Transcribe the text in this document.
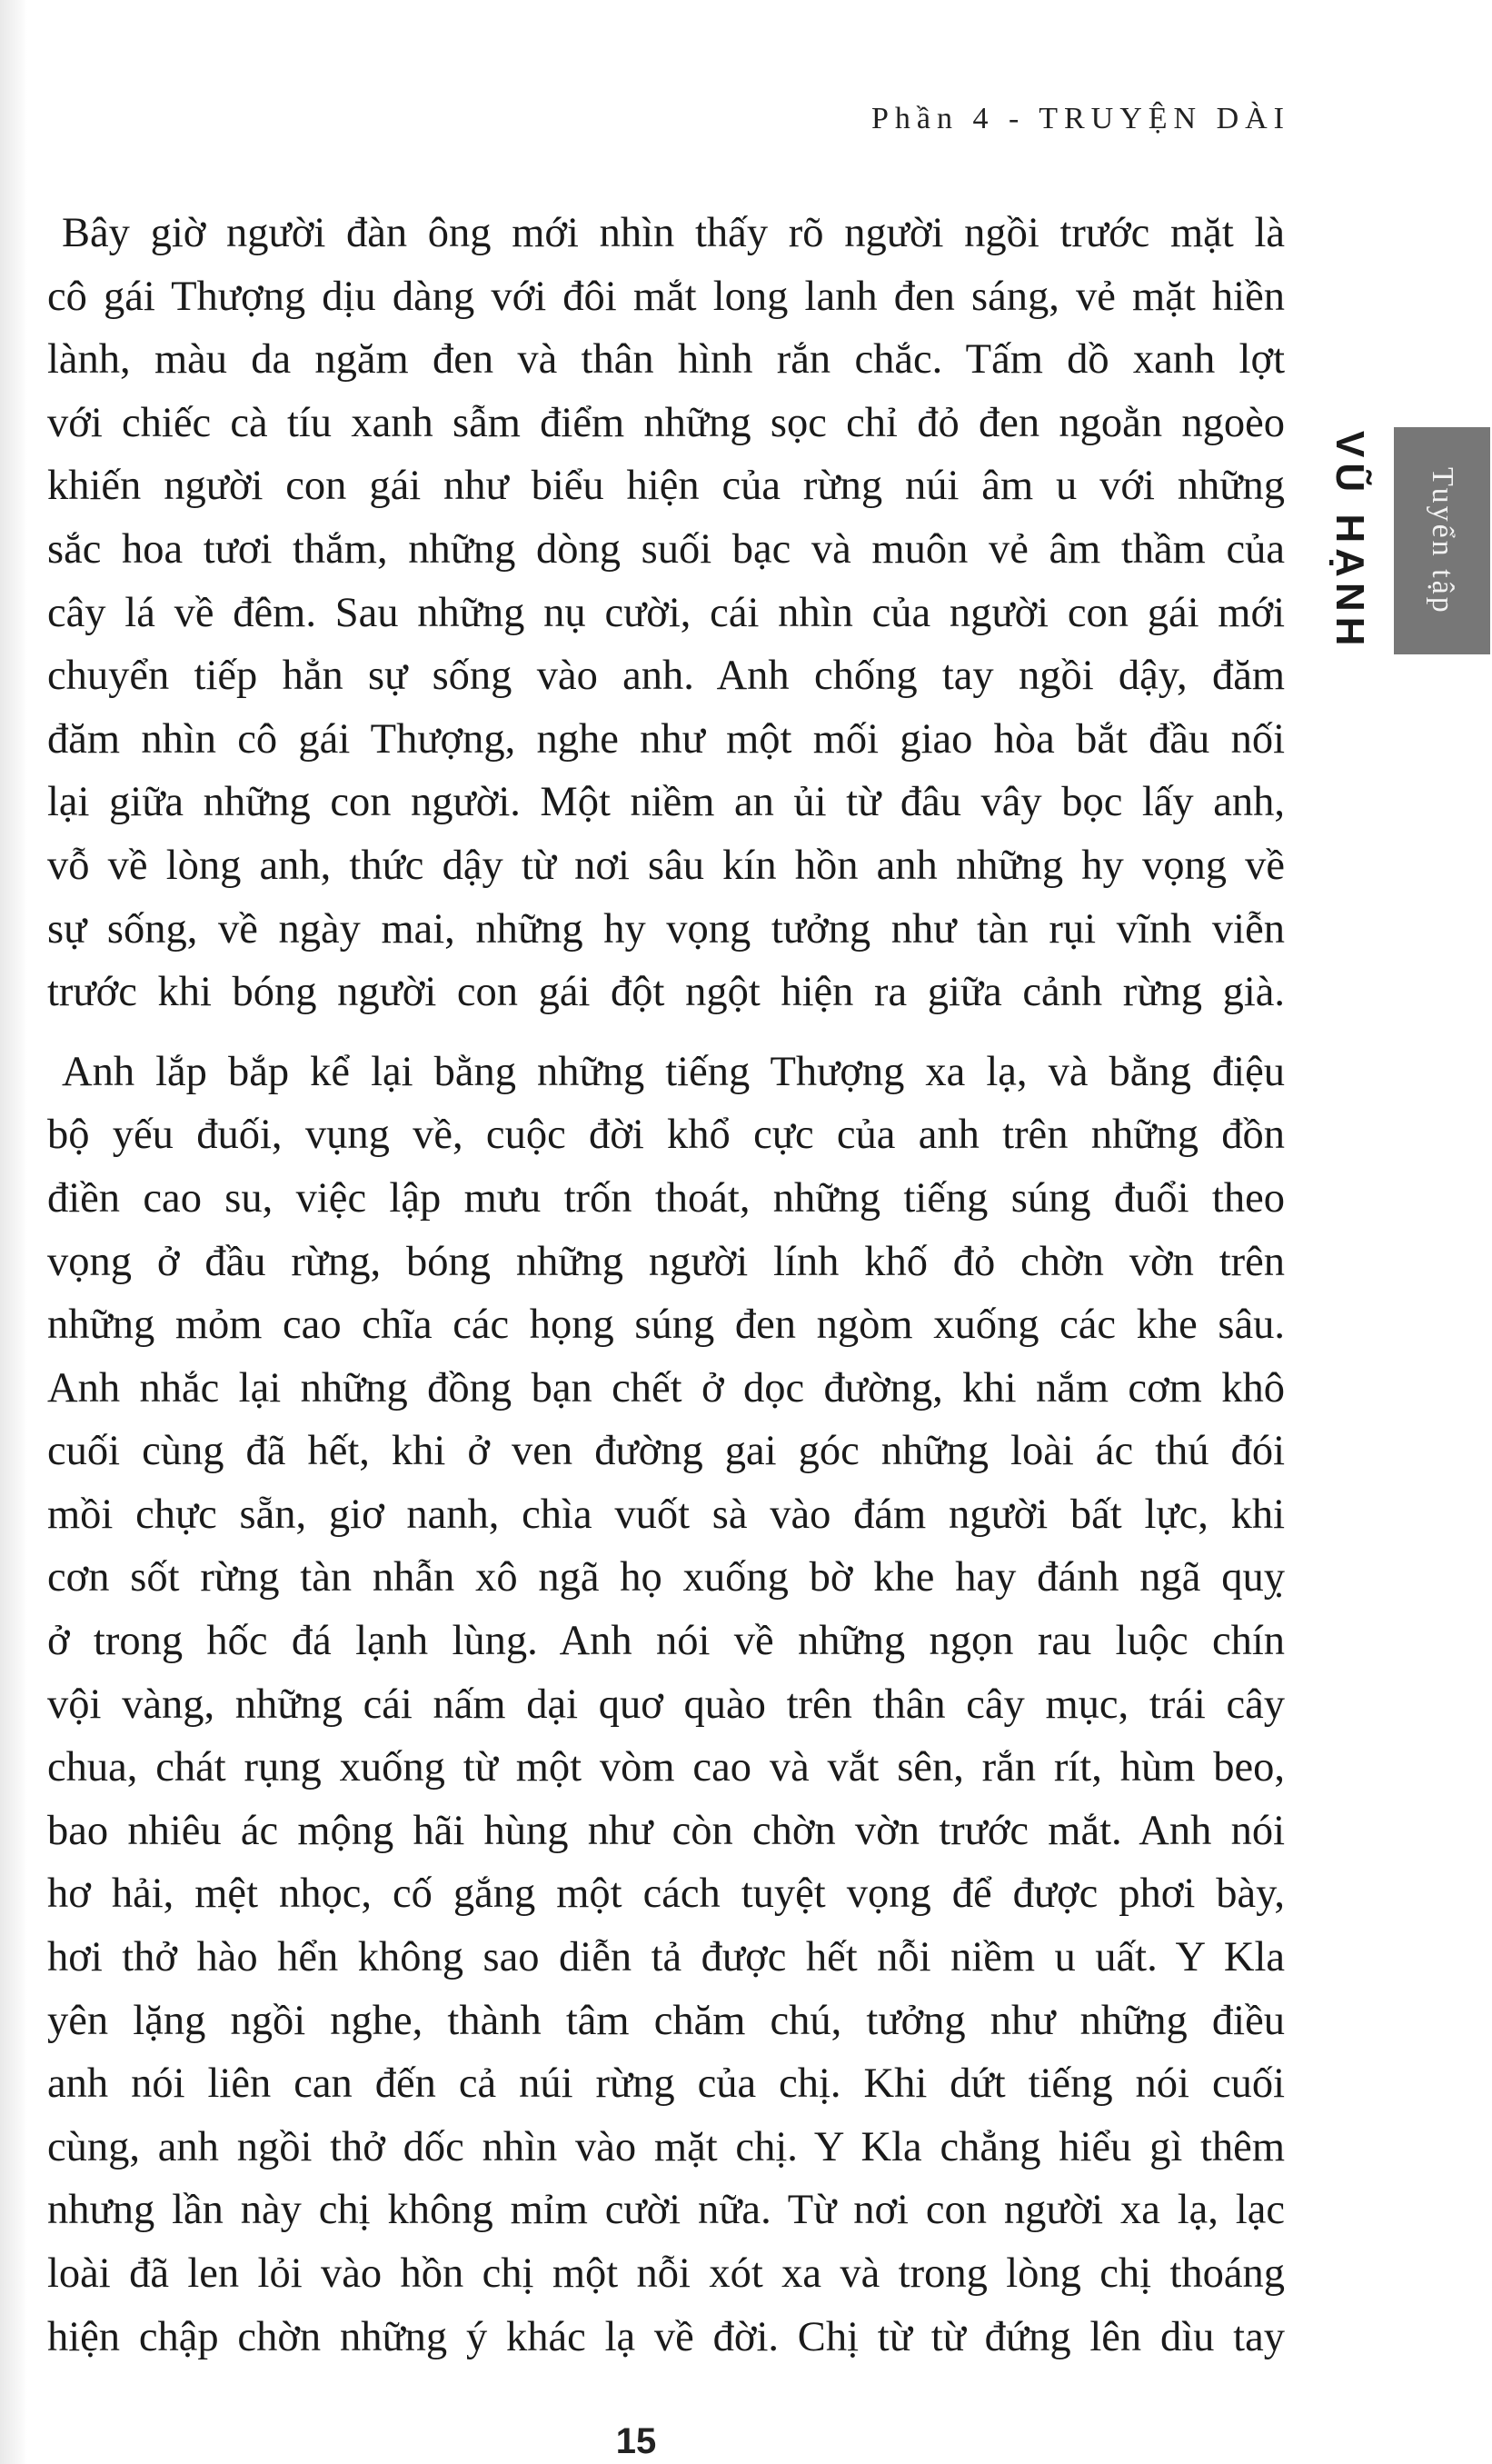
Phần 4 - TRUYỆN DÀI
VŨ HẠNH Tuyển tập

Bây giờ người đàn ông mới nhìn thấy rõ người ngồi trước mặt là

cô gái Thượng dịu dàng với đôi mắt long lanh đen sáng, vẻ mặt hiền

lành, màu da ngăm đen và thân hình rắn chắc. Tấm dồ xanh lợt

với chiếc cà tíu xanh sẫm điểm những sọc chỉ đỏ đen ngoằn ngoèo

khiến người con gái như biểu hiện của rừng núi âm u với những

sắc hoa tươi thắm, những dòng suối bạc và muôn vẻ âm thầm của

cây lá về đêm. Sau những nụ cười, cái nhìn của người con gái mới

chuyển tiếp hẳn sự sống vào anh. Anh chống tay ngồi dậy, đăm

đăm nhìn cô gái Thượng, nghe như một mối giao hòa bắt đầu nối

lại giữa những con người. Một niềm an ủi từ đâu vây bọc lấy anh,

vỗ về lòng anh, thức dậy từ nơi sâu kín hồn anh những hy vọng về

sự sống, về ngày mai, những hy vọng tưởng như tàn rụi vĩnh viễn

trước khi bóng người con gái đột ngột hiện ra giữa cảnh rừng già.

Anh lắp bắp kể lại bằng những tiếng Thượng xa lạ, và bằng điệu

bộ yếu đuối, vụng về, cuộc đời khổ cực của anh trên những đồn

điền cao su, việc lập mưu trốn thoát, những tiếng súng đuổi theo

vọng ở đầu rừng, bóng những người lính khố đỏ chờn vờn trên

những mỏm cao chĩa các họng súng đen ngòm xuống các khe sâu.

Anh nhắc lại những đồng bạn chết ở dọc đường, khi nắm cơm khô

cuối cùng đã hết, khi ở ven đường gai góc những loài ác thú đói

mồi chực sẵn, giơ nanh, chìa vuốt sà vào đám người bất lực, khi

cơn sốt rừng tàn nhẫn xô ngã họ xuống bờ khe hay đánh ngã quỵ

ở trong hốc đá lạnh lùng. Anh nói về những ngọn rau luộc chín

vội vàng, những cái nấm dại quơ quào trên thân cây mục, trái cây

chua, chát rụng xuống từ một vòm cao và vắt sên, rắn rít, hùm beo,

bao nhiêu ác mộng hãi hùng như còn chờn vờn trước mắt. Anh nói

hơ hải, mệt nhọc, cố gắng một cách tuyệt vọng để được phơi bày,

hơi thở hào hển không sao diễn tả được hết nỗi niềm u uất. Y Kla

yên lặng ngồi nghe, thành tâm chăm chú, tưởng như những điều

anh nói liên can đến cả núi rừng của chị. Khi dứt tiếng nói cuối

cùng, anh ngồi thở dốc nhìn vào mặt chị. Y Kla chẳng hiểu gì thêm

nhưng lần này chị không mỉm cười nữa. Từ nơi con người xa lạ, lạc

loài đã len lỏi vào hồn chị một nỗi xót xa và trong lòng chị thoáng

hiện chập chờn những ý khác lạ về đời. Chị từ từ đứng lên dìu tay

15
